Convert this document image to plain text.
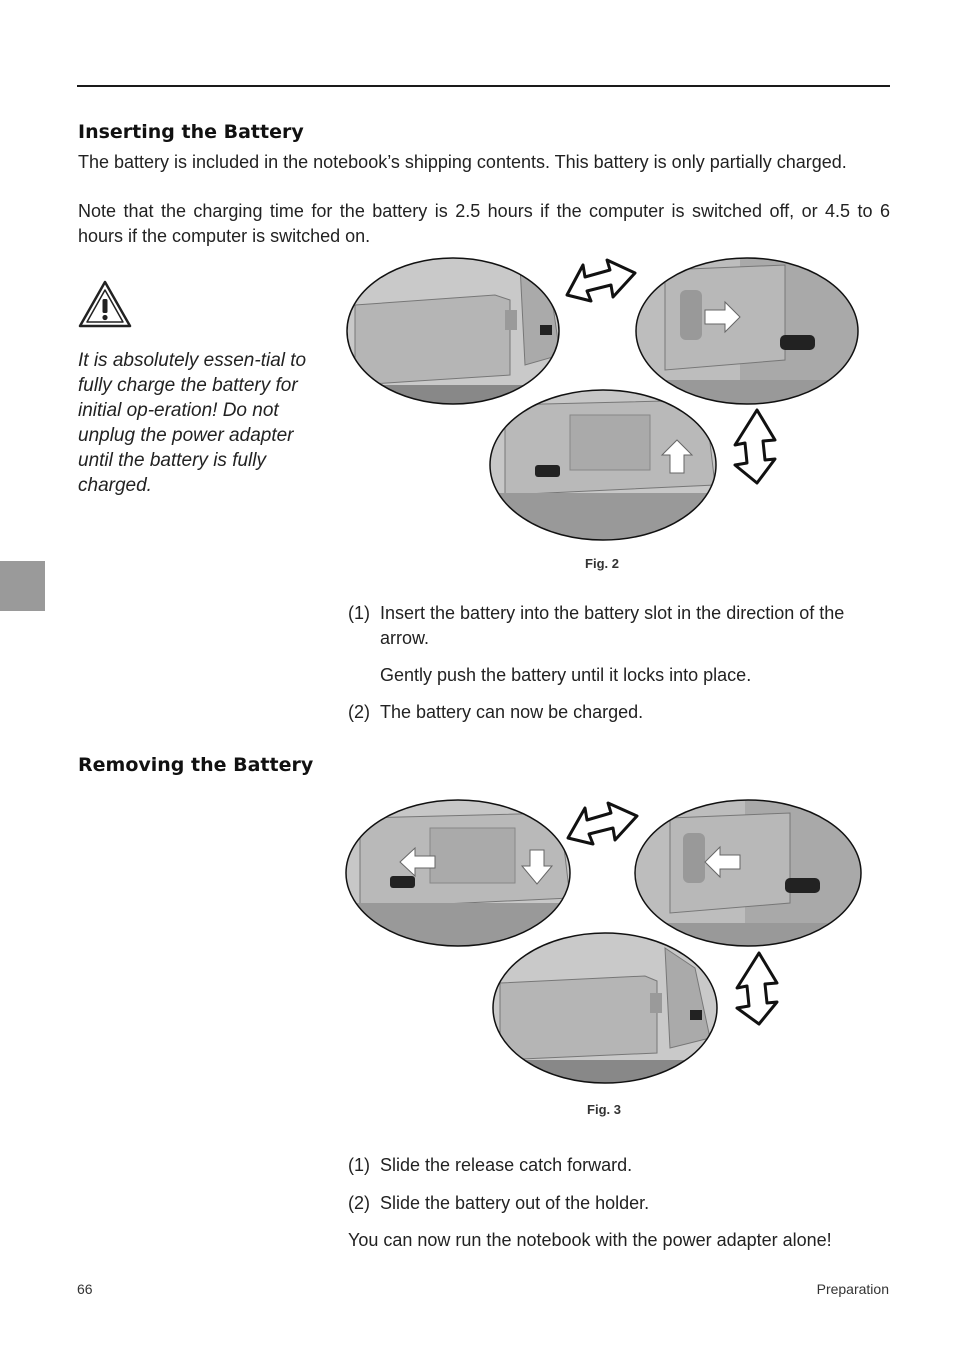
Inserting the Battery

The battery is included in the notebook’s shipping contents. This battery is only partially charged.

Note that the charging time for the battery is 2.5 hours if the computer is switched off, or 4.5 to 6 hours if the computer is switched on.

It is absolutely essen-tial to fully charge the battery for initial op-eration! Do not unplug the power adapter until the battery is fully charged.

Fig. 2

(1) Insert the battery into the battery slot in the direction of the arrow.

Gently push the battery until it locks into place.

(2) The battery can now be charged.

Removing the Battery

Fig. 3

(1) Slide the release catch forward.

(2) Slide the battery out of the holder.

You can now run the notebook with the power adapter alone!

66	Preparation
